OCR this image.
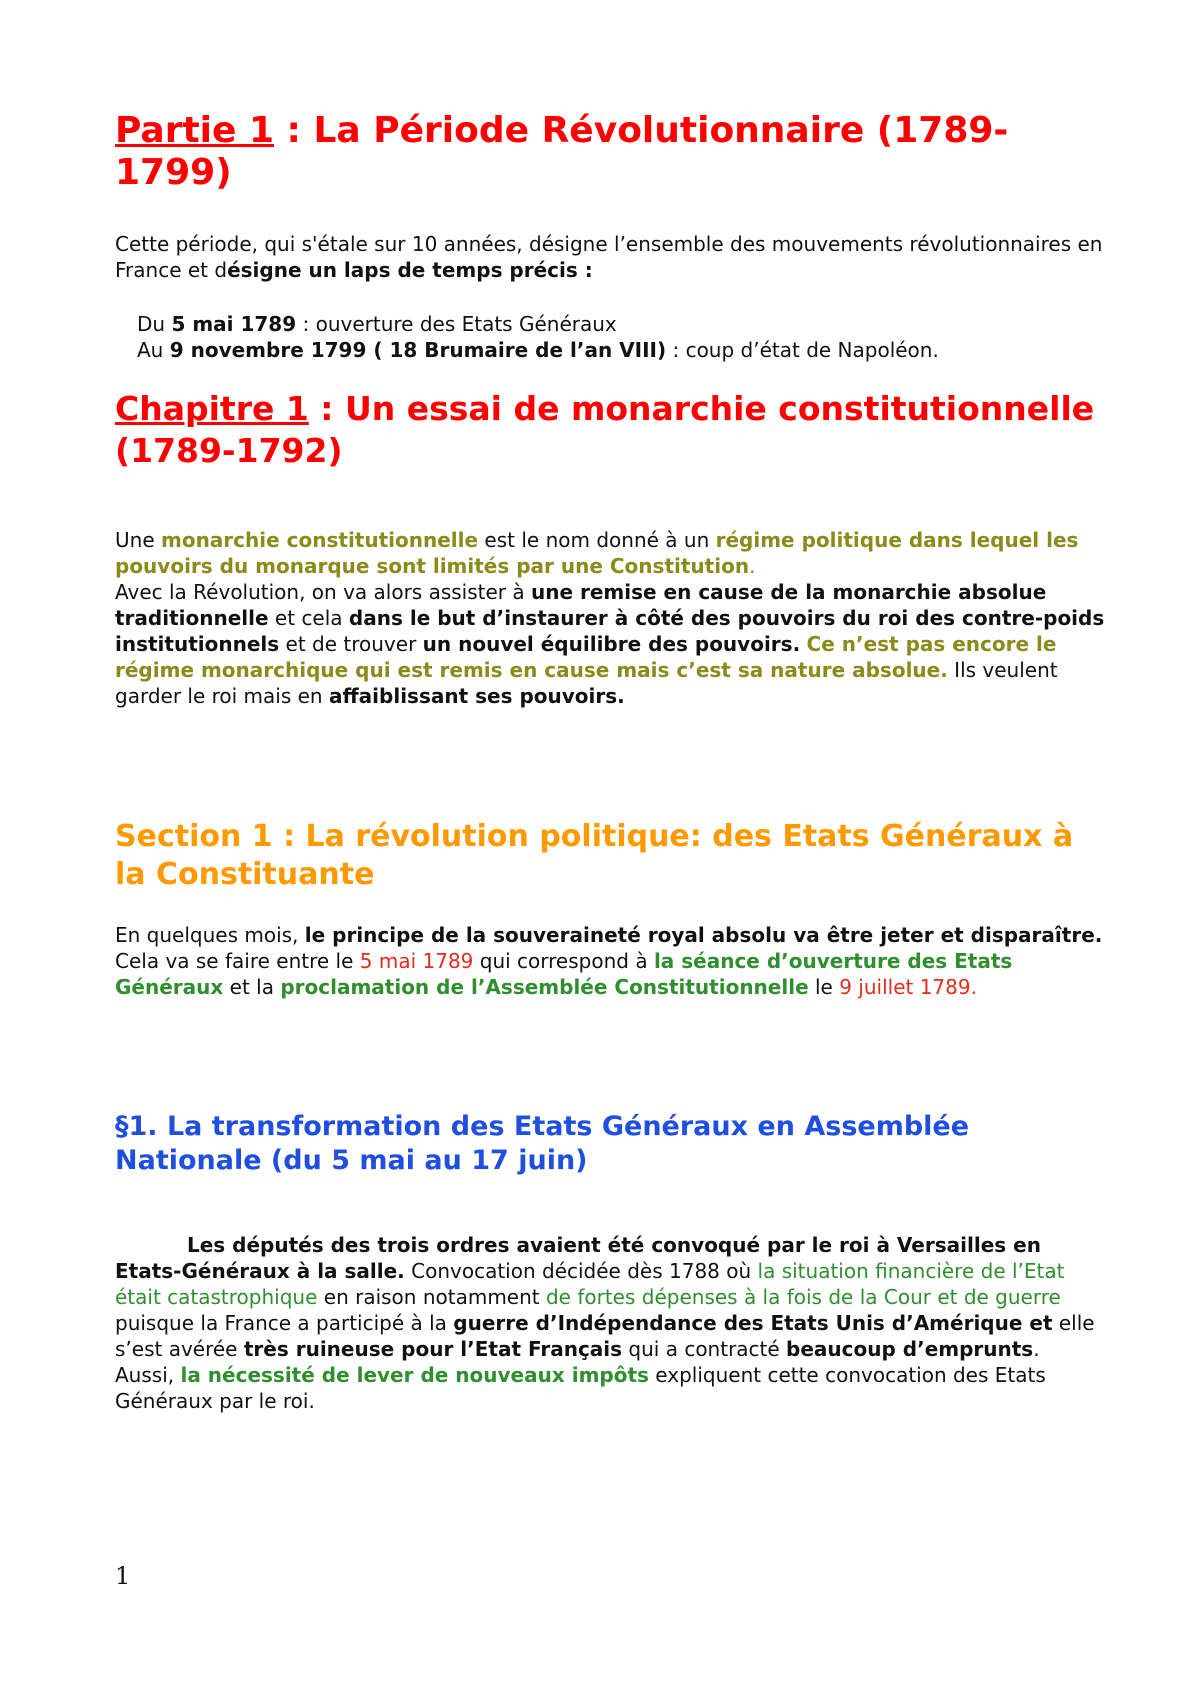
Partie 1 : La Période Révolutionnaire (1789-1799)
Cette période, qui s'étale sur 10 années, désigne l’ensemble des mouvements révolutionnaires en France et désigne un laps de temps précis :
Du 5 mai 1789 : ouverture des Etats Généraux
Au 9 novembre 1799 ( 18 Brumaire de l’an VIII) : coup d’état de Napoléon.
Chapitre 1 : Un essai de monarchie constitutionnelle (1789-1792)
Une monarchie constitutionnelle est le nom donné à un régime politique dans lequel les pouvoirs du monarque sont limités par une Constitution.
Avec la Révolution, on va alors assister à une remise en cause de la monarchie absolue traditionnelle et cela dans le but d’instaurer à côté des pouvoirs du roi des contre-poids institutionnels et de trouver un nouvel équilibre des pouvoirs. Ce n’est pas encore le régime monarchique qui est remis en cause mais c’est sa nature absolue. Ils veulent garder le roi mais en affaiblissant ses pouvoirs.
Section 1 : La révolution politique: des Etats Généraux à la Constituante
En quelques mois, le principe de la souveraineté royal absolu va être jeter et disparaître. Cela va se faire entre le 5 mai 1789 qui correspond à la séance d’ouverture des Etats Généraux et la proclamation de l’Assemblée Constitutionnelle le 9 juillet 1789.
§1. La transformation des Etats Généraux en Assemblée Nationale (du 5 mai au 17 juin)
Les députés des trois ordres avaient été convoqué par le roi à Versailles en Etats-Généraux à la salle. Convocation décidée dès 1788 où la situation financière de l’Etat était catastrophique en raison notamment de fortes dépenses à la fois de la Cour et de guerre puisque la France a participé à la guerre d’Indépendance des Etats Unis d’Amérique et elle s’est avérée très ruineuse pour l’Etat Français qui a contracté beaucoup d’emprunts.
Aussi, la nécessité de lever de nouveaux impôts expliquent cette convocation des Etats Généraux par le roi.
1
